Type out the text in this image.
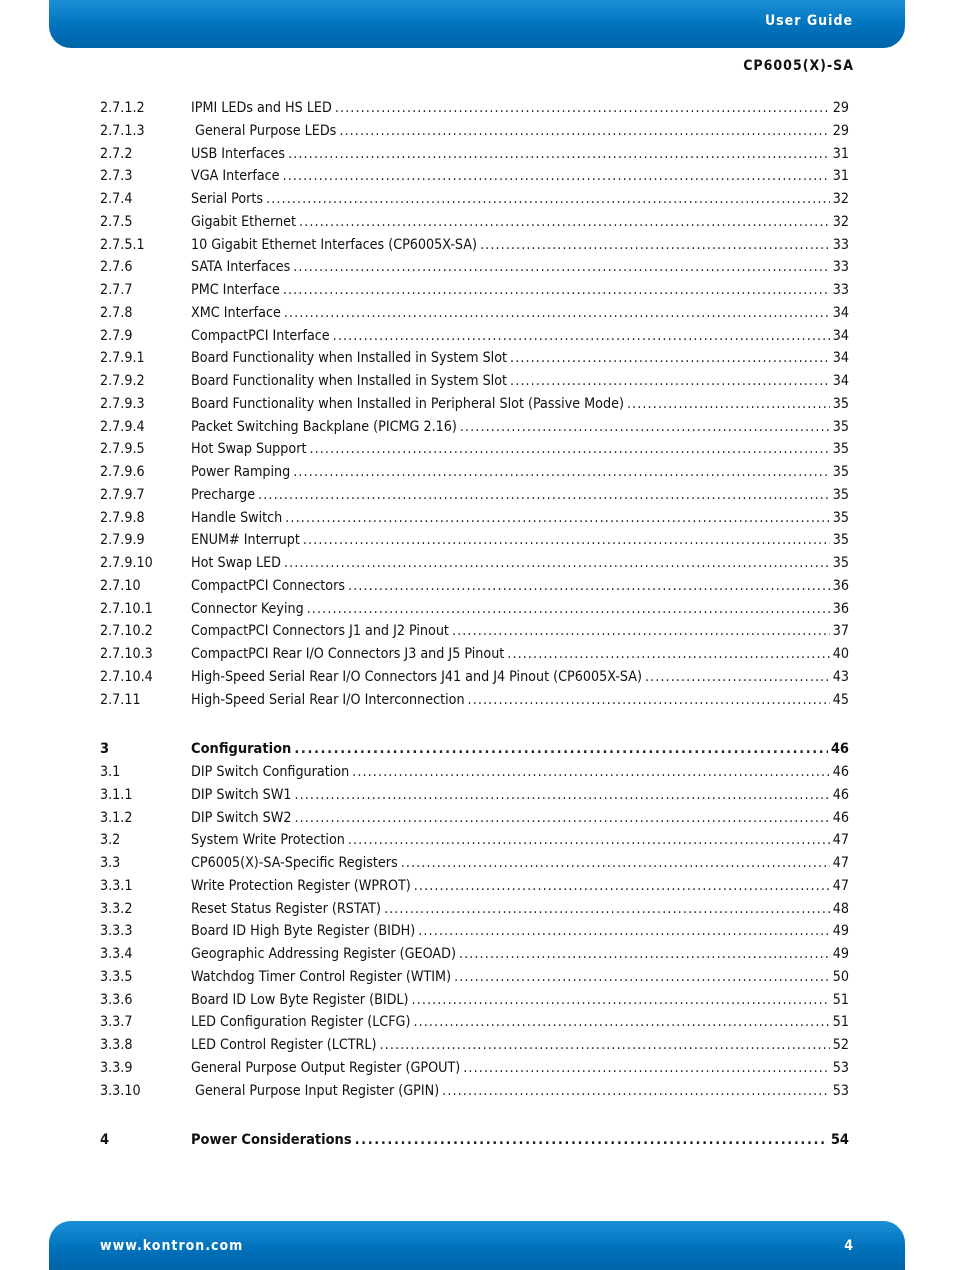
User Guide
CP6005(X)-SA
2.7.1.2	IPMI LEDs and HS LED .....	29
2.7.1.3	General Purpose LEDs .....	29
2.7.2	USB Interfaces .....	31
2.7.3	VGA Interface .....	31
2.7.4	Serial Ports .....	32
2.7.5	Gigabit Ethernet .....	32
2.7.5.1	10 Gigabit Ethernet Interfaces (CP6005X-SA) .....	33
2.7.6	SATA Interfaces .....	33
2.7.7	PMC Interface .....	33
2.7.8	XMC Interface .....	34
2.7.9	CompactPCI Interface .....	34
2.7.9.1	Board Functionality when Installed in System Slot .....	34
2.7.9.2	Board Functionality when Installed in System Slot .....	34
2.7.9.3	Board Functionality when Installed in Peripheral Slot (Passive Mode) .....	35
2.7.9.4	Packet Switching Backplane (PICMG 2.16) .....	35
2.7.9.5	Hot Swap Support .....	35
2.7.9.6	Power Ramping .....	35
2.7.9.7	Precharge .....	35
2.7.9.8	Handle Switch .....	35
2.7.9.9	ENUM# Interrupt .....	35
2.7.9.10	Hot Swap LED .....	35
2.7.10	CompactPCI Connectors .....	36
2.7.10.1	Connector Keying .....	36
2.7.10.2	CompactPCI Connectors J1 and J2 Pinout .....	37
2.7.10.3	CompactPCI Rear I/O Connectors J3 and J5 Pinout .....	40
2.7.10.4	High-Speed Serial Rear I/O Connectors J41 and J4 Pinout (CP6005X-SA) .....	43
2.7.11	High-Speed Serial Rear I/O Interconnection .....	45
3	Configuration .....	46
3.1	DIP Switch Configuration .....	46
3.1.1	DIP Switch SW1 .....	46
3.1.2	DIP Switch SW2 .....	46
3.2	System Write Protection .....	47
3.3	CP6005(X)-SA-Specific Registers .....	47
3.3.1	Write Protection Register (WPROT) .....	47
3.3.2	Reset Status Register (RSTAT) .....	48
3.3.3	Board ID High Byte Register (BIDH) .....	49
3.3.4	Geographic Addressing Register (GEOAD) .....	49
3.3.5	Watchdog Timer Control Register (WTIM) .....	50
3.3.6	Board ID Low Byte Register (BIDL) .....	51
3.3.7	LED Configuration Register (LCFG) .....	51
3.3.8	LED Control Register (LCTRL) .....	52
3.3.9	General Purpose Output Register (GPOUT) .....	53
3.3.10	General Purpose Input Register (GPIN) .....	53
4	Power Considerations .....	54
www.kontron.com	4
